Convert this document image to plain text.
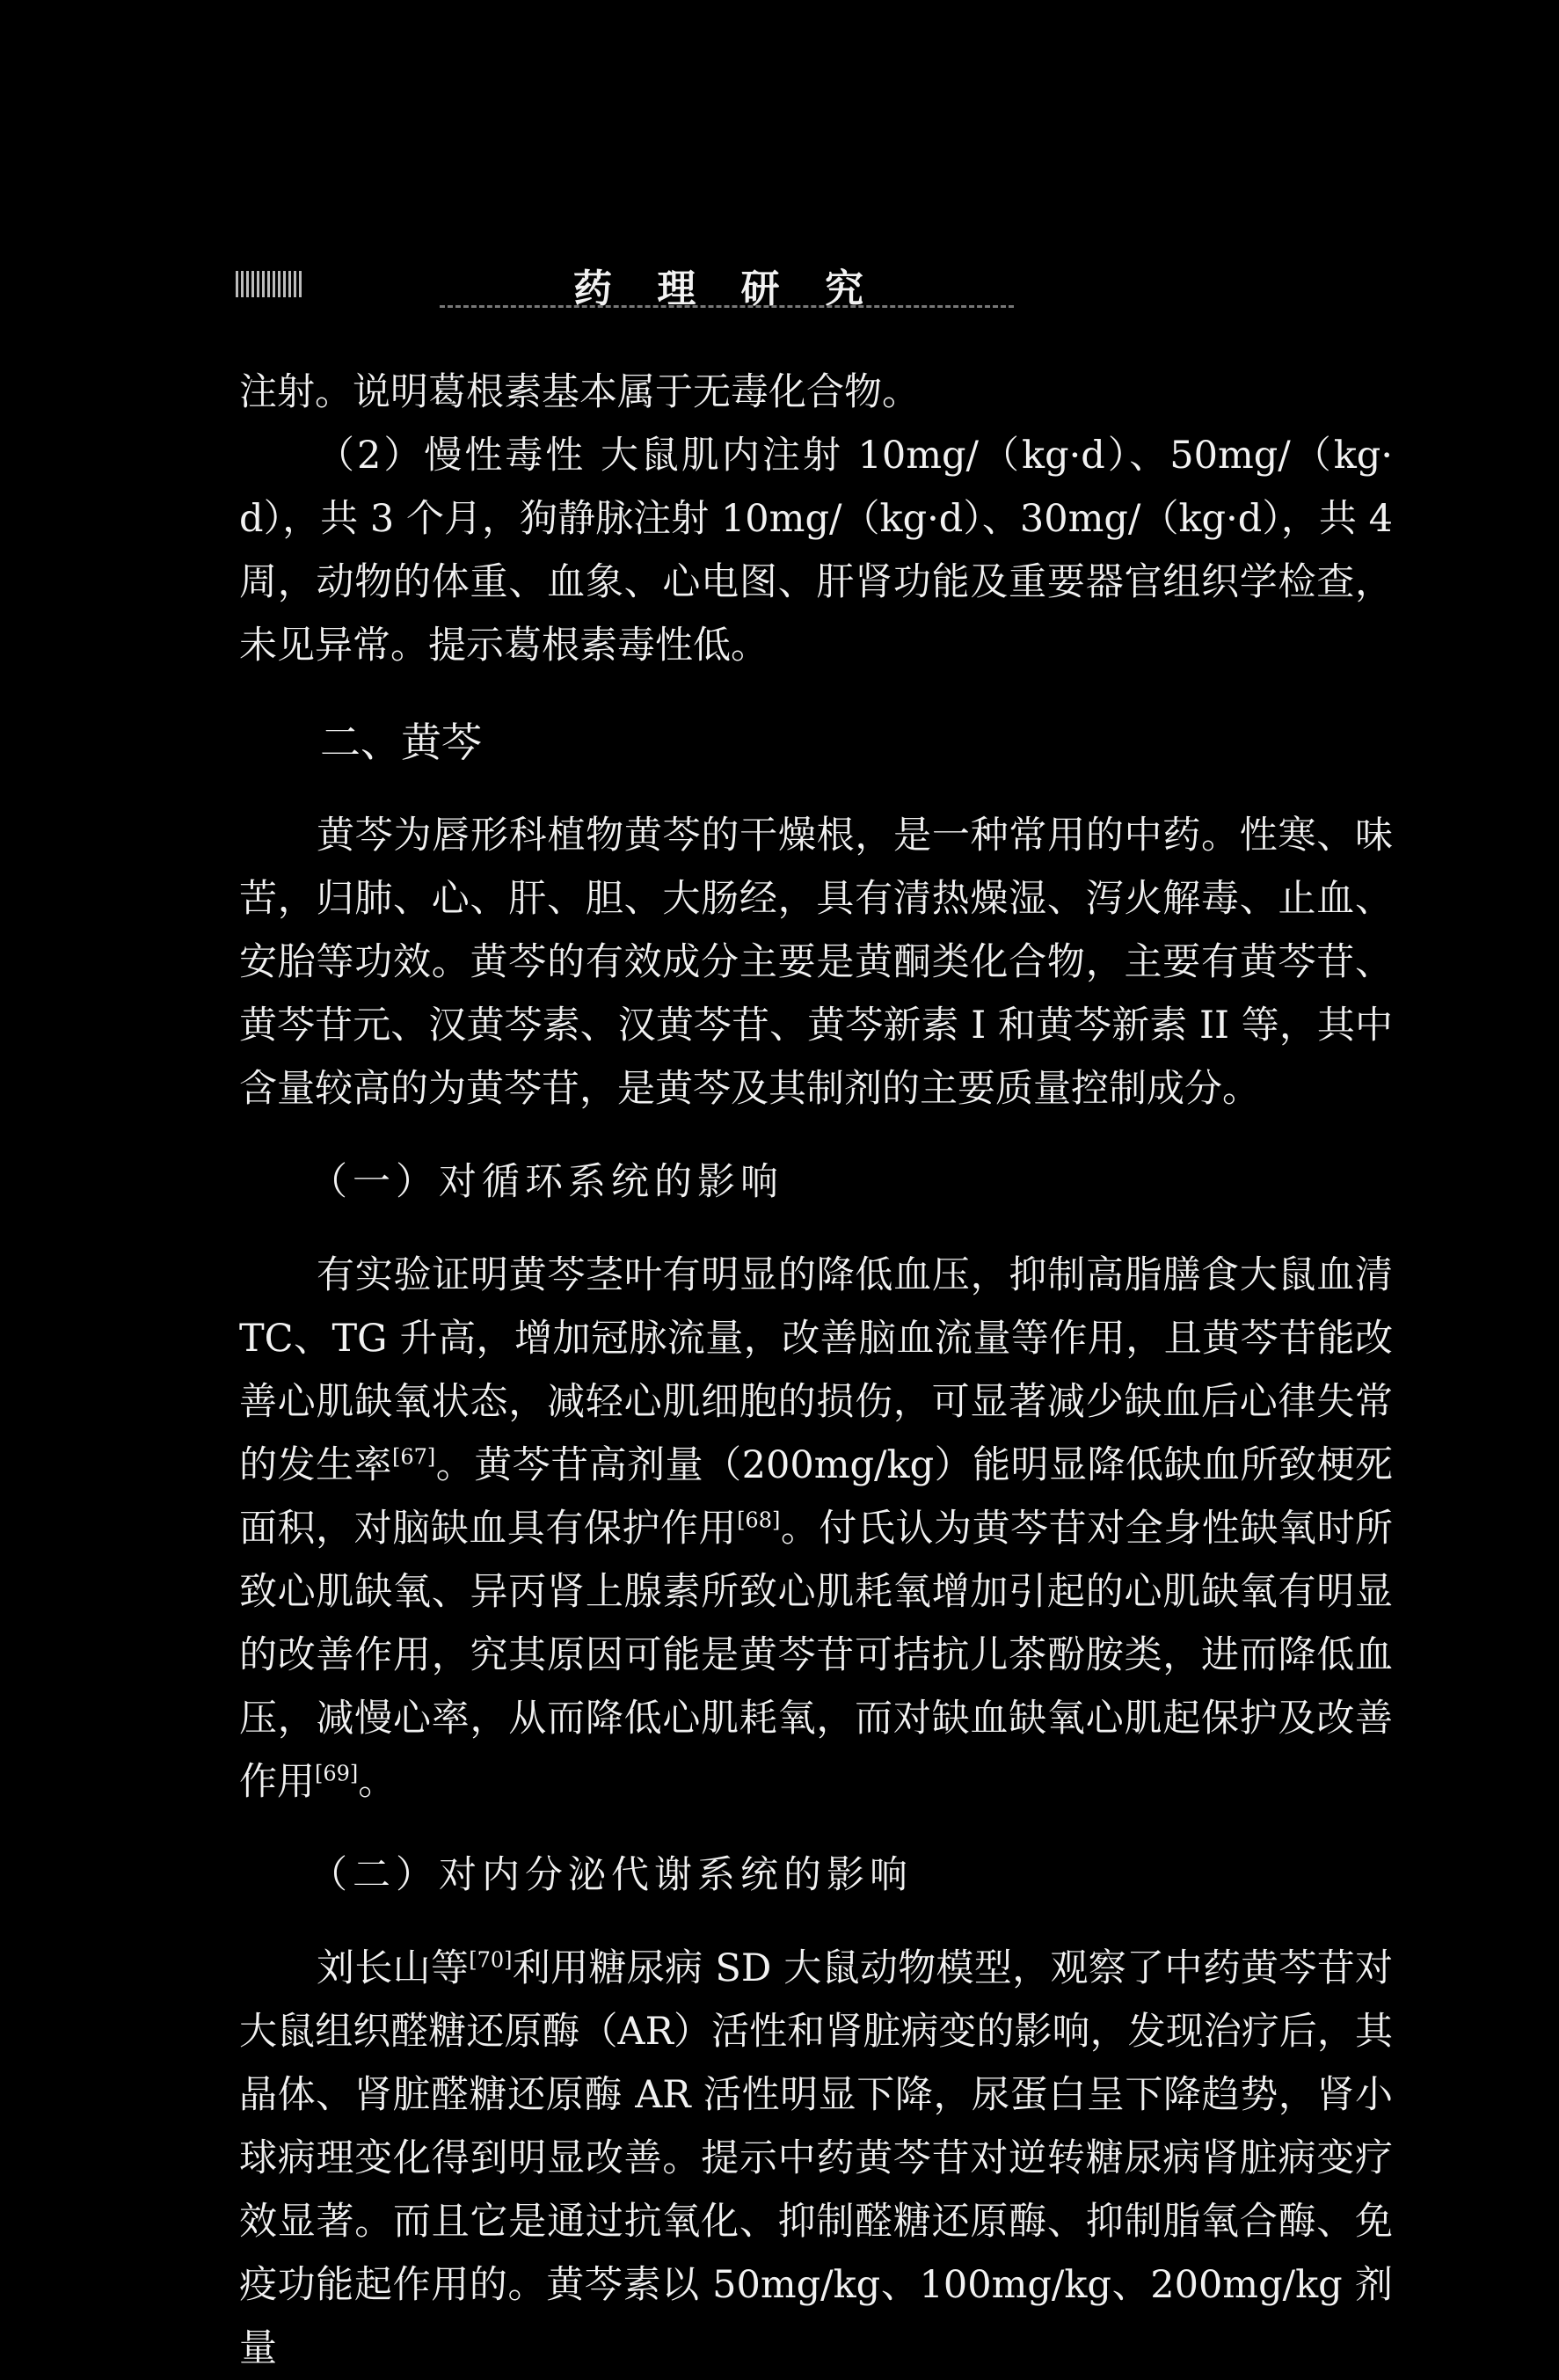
药 理 研 究

注射。说明葛根素基本属于无毒化合物。

（2）慢性毒性 大鼠肌内注射 10mg/（kg·d）、50mg/（kg·d），共 3 个月，狗静脉注射 10mg/（kg·d）、30mg/（kg·d），共 4 周，动物的体重、血象、心电图、肝肾功能及重要器官组织学检查，未见异常。提示葛根素毒性低。

二、黄芩

黄芩为唇形科植物黄芩的干燥根，是一种常用的中药。性寒、味苦，归肺、心、肝、胆、大肠经，具有清热燥湿、泻火解毒、止血、安胎等功效。黄芩的有效成分主要是黄酮类化合物，主要有黄芩苷、黄芩苷元、汉黄芩素、汉黄芩苷、黄芩新素 I 和黄芩新素 II 等，其中含量较高的为黄芩苷，是黄芩及其制剂的主要质量控制成分。

（一）对循环系统的影响

有实验证明黄芩茎叶有明显的降低血压，抑制高脂膳食大鼠血清 TC、TG 升高，增加冠脉流量，改善脑血流量等作用，且黄芩苷能改善心肌缺氧状态，减轻心肌细胞的损伤，可显著减少缺血后心律失常的发生率[67]。黄芩苷高剂量（200mg/kg）能明显降低缺血所致梗死面积，对脑缺血具有保护作用[68]。付氏认为黄芩苷对全身性缺氧时所致心肌缺氧、异丙肾上腺素所致心肌耗氧增加引起的心肌缺氧有明显的改善作用，究其原因可能是黄芩苷可拮抗儿茶酚胺类，进而降低血压，减慢心率，从而降低心肌耗氧，而对缺血缺氧心肌起保护及改善作用[69]。

（二）对内分泌代谢系统的影响

刘长山等[70]利用糖尿病 SD 大鼠动物模型，观察了中药黄芩苷对大鼠组织醛糖还原酶（AR）活性和肾脏病变的影响，发现治疗后，其晶体、肾脏醛糖还原酶 AR 活性明显下降，尿蛋白呈下降趋势，肾小球病理变化得到明显改善。提示中药黄芩苷对逆转糖尿病肾脏病变疗效显著。而且它是通过抗氧化、抑制醛糖还原酶、抑制脂氧合酶、免疫功能起作用的。黄芩素以 50mg/kg、100mg/kg、200mg/kg 剂量
